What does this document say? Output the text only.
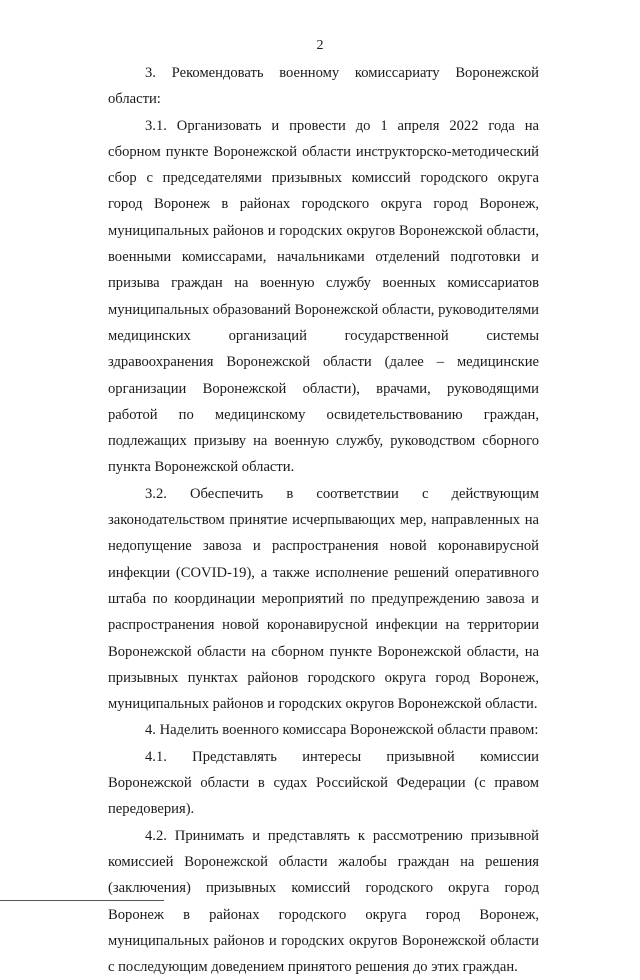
2

3. Рекомендовать военному комиссариату Воронежской области:

3.1. Организовать и провести до 1 апреля 2022 года на сборном пункте Воронежской области инструкторско-методический сбор с председателями призывных комиссий городского округа город Воронеж в районах городского округа город Воронеж, муниципальных районов и городских округов Воронежской области, военными комиссарами, начальниками отделений подготовки и призыва граждан на военную службу военных комиссариатов муниципальных образований Воронежской области, руководителями медицинских организаций государственной системы здравоохранения Воронежской области (далее – медицинские организации Воронежской области), врачами, руководящими работой по медицинскому освидетельствованию граждан, подлежащих призыву на военную службу, руководством сборного пункта Воронежской области.

3.2. Обеспечить в соответствии с действующим законодательством принятие исчерпывающих мер, направленных на недопущение завоза и распространения новой коронавирусной инфекции (COVID-19), а также исполнение решений оперативного штаба по координации мероприятий по предупреждению завоза и распространения новой коронавирусной инфекции на территории Воронежской области на сборном пункте Воронежской области, на призывных пунктах районов городского округа город Воронеж, муниципальных районов и городских округов Воронежской области.

4. Наделить военного комиссара Воронежской области правом:

4.1. Представлять интересы призывной комиссии Воронежской области в судах Российской Федерации (с правом передоверия).

4.2. Принимать и представлять к рассмотрению призывной комиссией Воронежской области жалобы граждан на решения (заключения) призывных комиссий городского округа город Воронеж в районах городского округа город Воронеж, муниципальных районов и городских округов Воронежской области с последующим доведением принятого решения до этих граждан.
